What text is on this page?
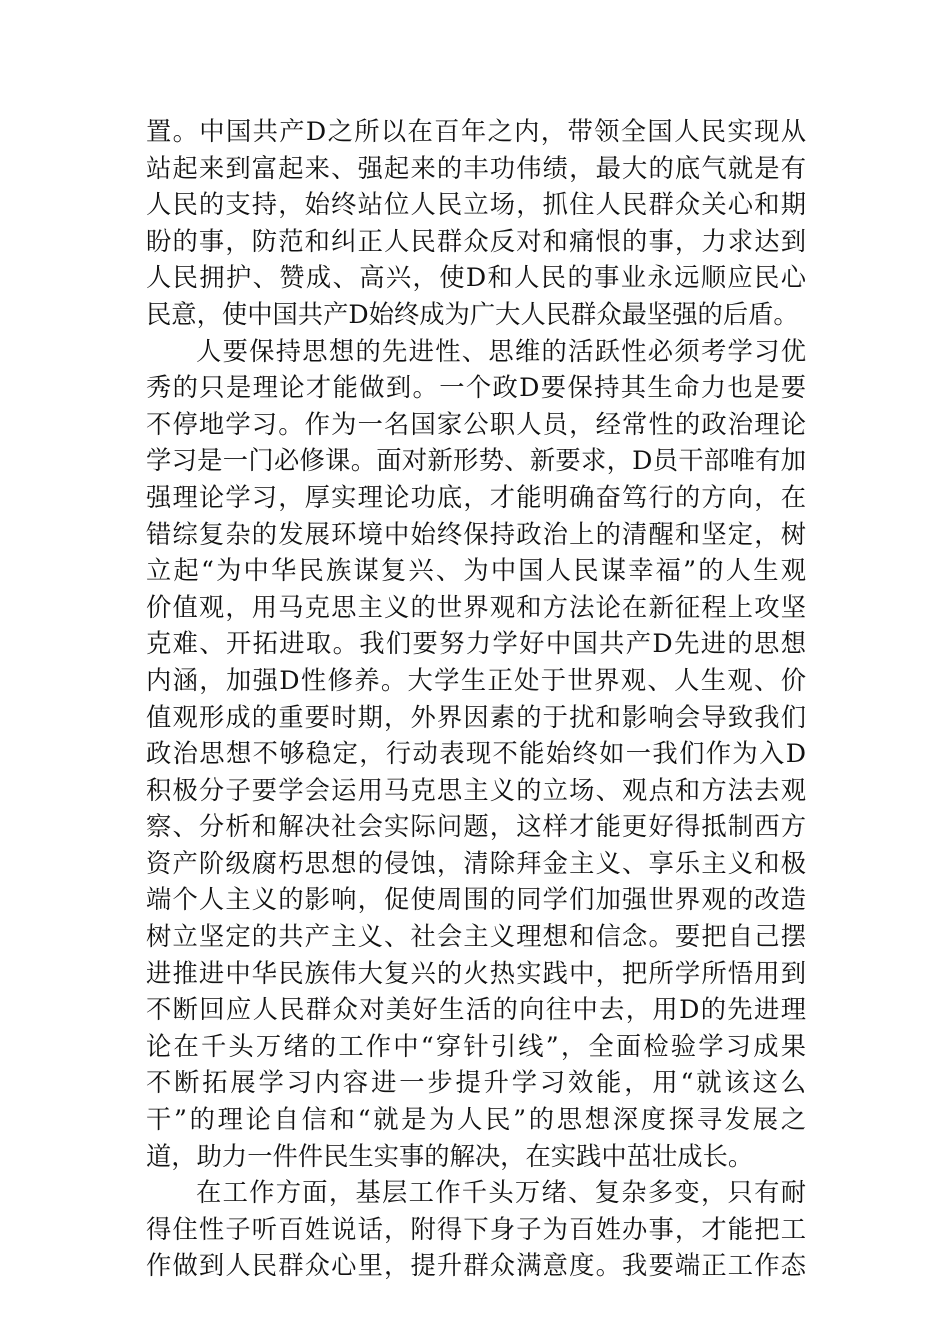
置。中国共产D之所以在百年之内，带领全国人民实现从
站起来到富起来、强起来的丰功伟绩，最大的底气就是有
人民的支持，始终站位人民立场，抓住人民群众关心和期
盼的事，防范和纠正人民群众反对和痛恨的事，力求达到
人民拥护、赞成、高兴，使D和人民的事业永远顺应民心
民意，使中国共产D始终成为广大人民群众最坚强的后盾。
人要保持思想的先进性、思维的活跃性必须考学习优
秀的只是理论才能做到。一个政D要保持其生命力也是要
不停地学习。作为一名国家公职人员，经常性的政治理论
学习是一门必修课。面对新形势、新要求，D员干部唯有加
强理论学习，厚实理论功底，才能明确奋笃行的方向，在
错综复杂的发展环境中始终保持政治上的清醒和坚定，树
立起“为中华民族谋复兴、为中国人民谋幸福”的人生观
价值观，用马克思主义的世界观和方法论在新征程上攻坚
克难、开拓进取。我们要努力学好中国共产D先进的思想
内涵，加强D性修养。大学生正处于世界观、人生观、价
值观形成的重要时期，外界因素的于扰和影响会导致我们
政治思想不够稳定，行动表现不能始终如一我们作为入D
积极分子要学会运用马克思主义的立场、观点和方法去观
察、分析和解决社会实际问题，这样才能更好得抵制西方
资产阶级腐朽思想的侵蚀，清除拜金主义、享乐主义和极
端个人主义的影响，促使周围的同学们加强世界观的改造
树立坚定的共产主义、社会主义理想和信念。要把自己摆
进推进中华民族伟大复兴的火热实践中，把所学所悟用到
不断回应人民群众对美好生活的向往中去，用D的先进理
论在千头万绪的工作中“穿针引线”，全面检验学习成果
不断拓展学习内容进一步提升学习效能，用“就该这么
干”的理论自信和“就是为人民”的思想深度探寻发展之
道，助力一件件民生实事的解决，在实践中茁壮成长。
在工作方面，基层工作千头万绪、复杂多变，只有耐
得住性子听百姓说话，附得下身子为百姓办事，才能把工
作做到人民群众心里，提升群众满意度。我要端正工作态
